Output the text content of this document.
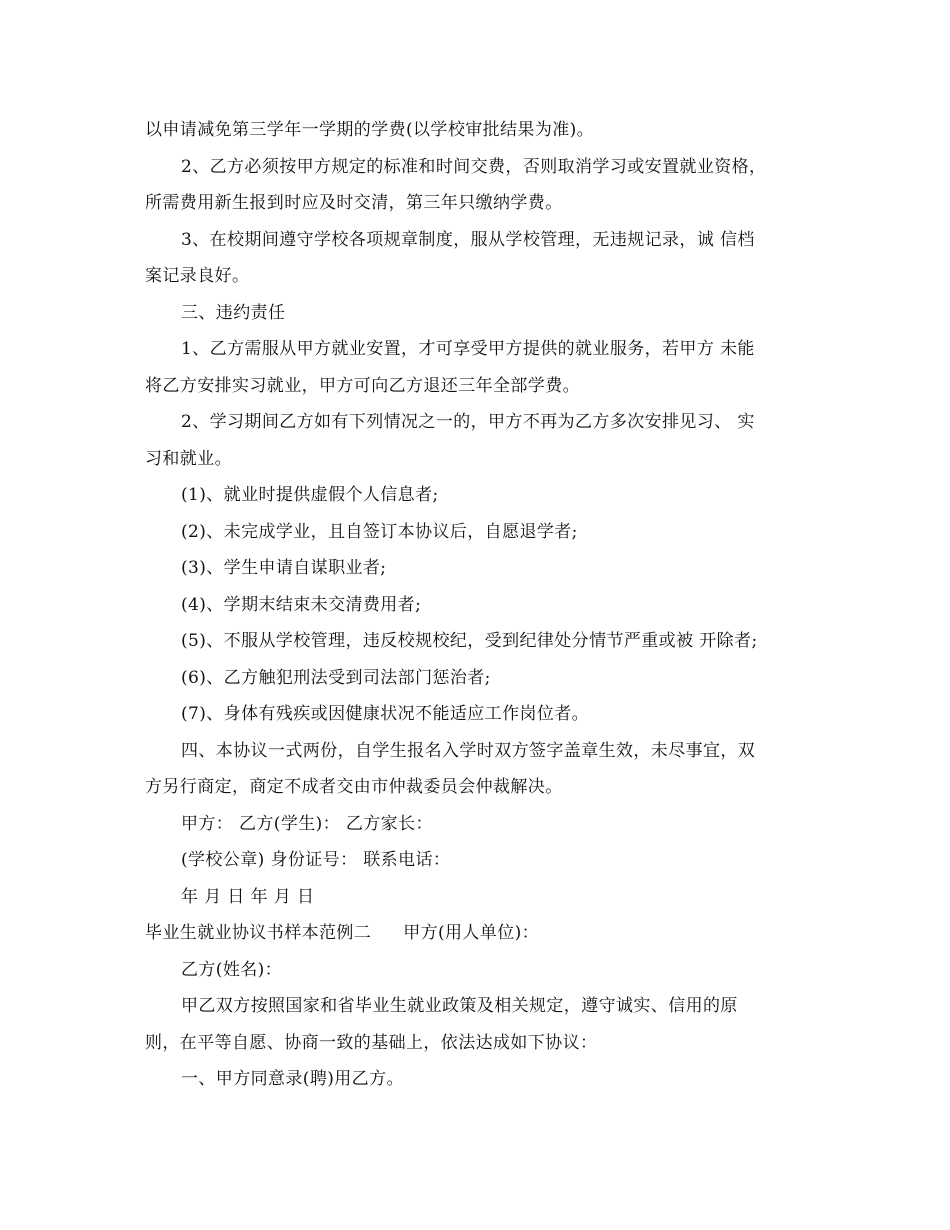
以申请减免第三学年一学期的学费(以学校审批结果为准)。
2、乙方必须按甲方规定的标准和时间交费，否则取消学习或安置就业资格，
所需费用新生报到时应及时交清，第三年只缴纳学费。
3、在校期间遵守学校各项规章制度，服从学校管理，无违规记录，诚 信档
案记录良好。
三、违约责任
1、乙方需服从甲方就业安置，才可享受甲方提供的就业服务，若甲方 未能
将乙方安排实习就业，甲方可向乙方退还三年全部学费。
2、学习期间乙方如有下列情况之一的，甲方不再为乙方多次安排见习、 实
习和就业。
(1)、就业时提供虚假个人信息者;
(2)、未完成学业，且自签订本协议后，自愿退学者;
(3)、学生申请自谋职业者;
(4)、学期末结束未交清费用者;
(5)、不服从学校管理，违反校规校纪，受到纪律处分情节严重或被 开除者;
(6)、乙方触犯刑法受到司法部门惩治者;
(7)、身体有残疾或因健康状况不能适应工作岗位者。
四、本协议一式两份，自学生报名入学时双方签字盖章生效，未尽事宜，双
方另行商定，商定不成者交由市仲裁委员会仲裁解决。
甲方： 乙方(学生)： 乙方家长：
(学校公章) 身份证号： 联系电话：
年 月 日 年 月 日
毕业生就业协议书样本范例二 甲方(用人单位)：
乙方(姓名)：
甲乙双方按照国家和省毕业生就业政策及相关规定，遵守诚实、信用的原
则，在平等自愿、协商一致的基础上，依法达成如下协议：
一、甲方同意录(聘)用乙方。
